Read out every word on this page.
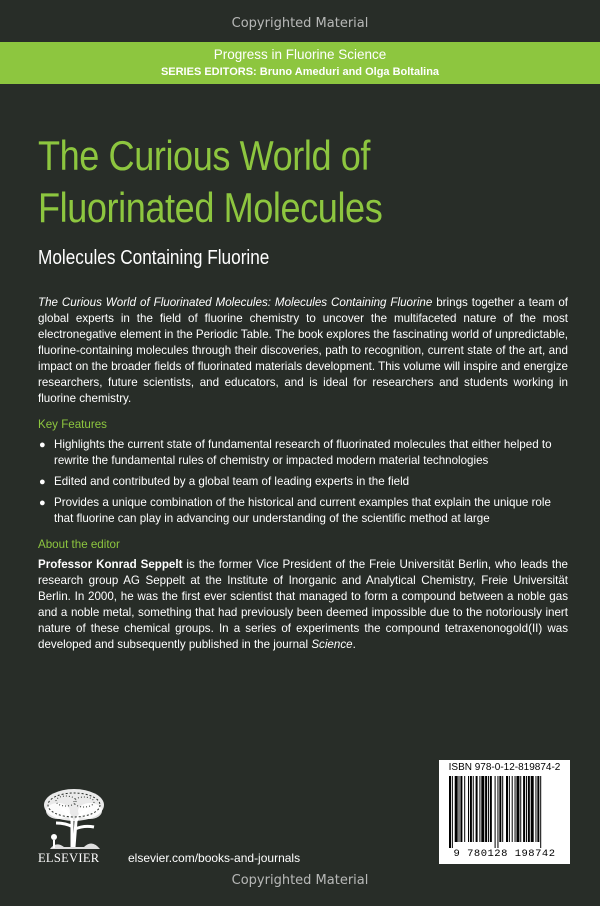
Copyrighted Material
Progress in Fluorine Science
SERIES EDITORS: Bruno Ameduri and Olga Boltalina
The Curious World of
Fluorinated Molecules
Molecules Containing Fluorine

The Curious World of Fluorinated Molecules: Molecules Containing Fluorine brings together a team of global experts in the field of fluorine chemistry to uncover the multifaceted nature of the most electronegative element in the Periodic Table. The book explores the fascinating world of unpredictable, fluorine-containing molecules through their discoveries, path to recognition, current state of the art, and impact on the broader fields of fluorinated materials development. This volume will inspire and energize researchers, future scientists, and educators, and is ideal for researchers and students working in fluorine chemistry.

Key Features
● Highlights the current state of fundamental research of fluorinated molecules that either helped to rewrite the fundamental rules of chemistry or impacted modern material technologies
● Edited and contributed by a global team of leading experts in the field
● Provides a unique combination of the historical and current examples that explain the unique role that fluorine can play in advancing our understanding of the scientific method at large
About the editor

Professor Konrad Seppelt is the former Vice President of the Freie Universität Berlin, who leads the research group AG Seppelt at the Institute of Inorganic and Analytical Chemistry, Freie Universität Berlin. In 2000, he was the first ever scientist that managed to form a compound between a noble gas and a noble metal, something that had previously been deemed impossible due to the notoriously inert nature of these chemical groups. In a series of experiments the compound tetraxenonogold(II) was developed and subsequently published in the journal Science.

ISBN 978-0-12-819874-2
9 780128 198742
ELSEVIER elsevier.com/books-and-journals
Copyrighted Material
